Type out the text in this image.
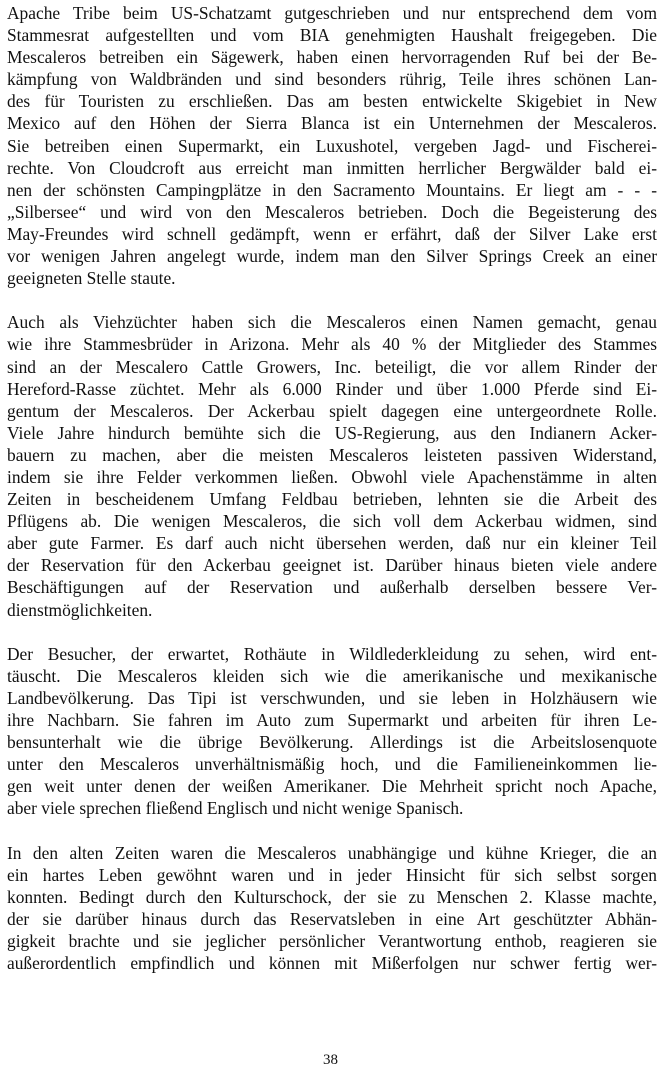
Apache Tribe beim US-Schatzamt gutgeschrieben und nur entsprechend dem vom
Stammesrat aufgestellten und vom BIA genehmigten Haushalt freigegeben. Die
Mescaleros betreiben ein Sägewerk, haben einen hervorragenden Ruf bei der Be-
kämpfung von Waldbränden und sind besonders rührig, Teile ihres schönen Lan-
des für Touristen zu erschließen. Das am besten entwickelte Skigebiet in New
Mexico auf den Höhen der Sierra Blanca ist ein Unternehmen der Mescaleros.
Sie betreiben einen Supermarkt, ein Luxushotel, vergeben Jagd- und Fischerei-
rechte. Von Cloudcroft aus erreicht man inmitten herrlicher Bergwälder bald ei-
nen der schönsten Campingplätze in den Sacramento Mountains. Er liegt am - - -
„Silbersee“ und wird von den Mescaleros betrieben. Doch die Begeisterung des
May-Freundes wird schnell gedämpft, wenn er erfährt, daß der Silver Lake erst
vor wenigen Jahren angelegt wurde, indem man den Silver Springs Creek an einer
geeigneten Stelle staute.
Auch als Viehzüchter haben sich die Mescaleros einen Namen gemacht, genau
wie ihre Stammesbrüder in Arizona. Mehr als 40 % der Mitglieder des Stammes
sind an der Mescalero Cattle Growers, Inc. beteiligt, die vor allem Rinder der
Hereford-Rasse züchtet. Mehr als 6.000 Rinder und über 1.000 Pferde sind Ei-
gentum der Mescaleros. Der Ackerbau spielt dagegen eine untergeordnete Rolle.
Viele Jahre hindurch bemühte sich die US-Regierung, aus den Indianern Acker-
bauern zu machen, aber die meisten Mescaleros leisteten passiven Widerstand,
indem sie ihre Felder verkommen ließen. Obwohl viele Apachenstämme in alten
Zeiten in bescheidenem Umfang Feldbau betrieben, lehnten sie die Arbeit des
Pflügens ab. Die wenigen Mescaleros, die sich voll dem Ackerbau widmen, sind
aber gute Farmer. Es darf auch nicht übersehen werden, daß nur ein kleiner Teil
der Reservation für den Ackerbau geeignet ist. Darüber hinaus bieten viele andere
Beschäftigungen auf der Reservation und außerhalb derselben bessere Ver-
dienstmöglichkeiten.
Der Besucher, der erwartet, Rothäute in Wildlederkleidung zu sehen, wird ent-
täuscht. Die Mescaleros kleiden sich wie die amerikanische und mexikanische
Landbevölkerung. Das Tipi ist verschwunden, und sie leben in Holzhäusern wie
ihre Nachbarn. Sie fahren im Auto zum Supermarkt und arbeiten für ihren Le-
bensunterhalt wie die übrige Bevölkerung. Allerdings ist die Arbeitslosenquote
unter den Mescaleros unverhältnismäßig hoch, und die Familieneinkommen lie-
gen weit unter denen der weißen Amerikaner. Die Mehrheit spricht noch Apache,
aber viele sprechen fließend Englisch und nicht wenige Spanisch.
In den alten Zeiten waren die Mescaleros unabhängige und kühne Krieger, die an
ein hartes Leben gewöhnt waren und in jeder Hinsicht für sich selbst sorgen
konnten. Bedingt durch den Kulturschock, der sie zu Menschen 2. Klasse machte,
der sie darüber hinaus durch das Reservatsleben in eine Art geschützter Abhän-
gigkeit brachte und sie jeglicher persönlicher Verantwortung enthob, reagieren sie
außerordentlich empfindlich und können mit Mißerfolgen nur schwer fertig wer-
38
